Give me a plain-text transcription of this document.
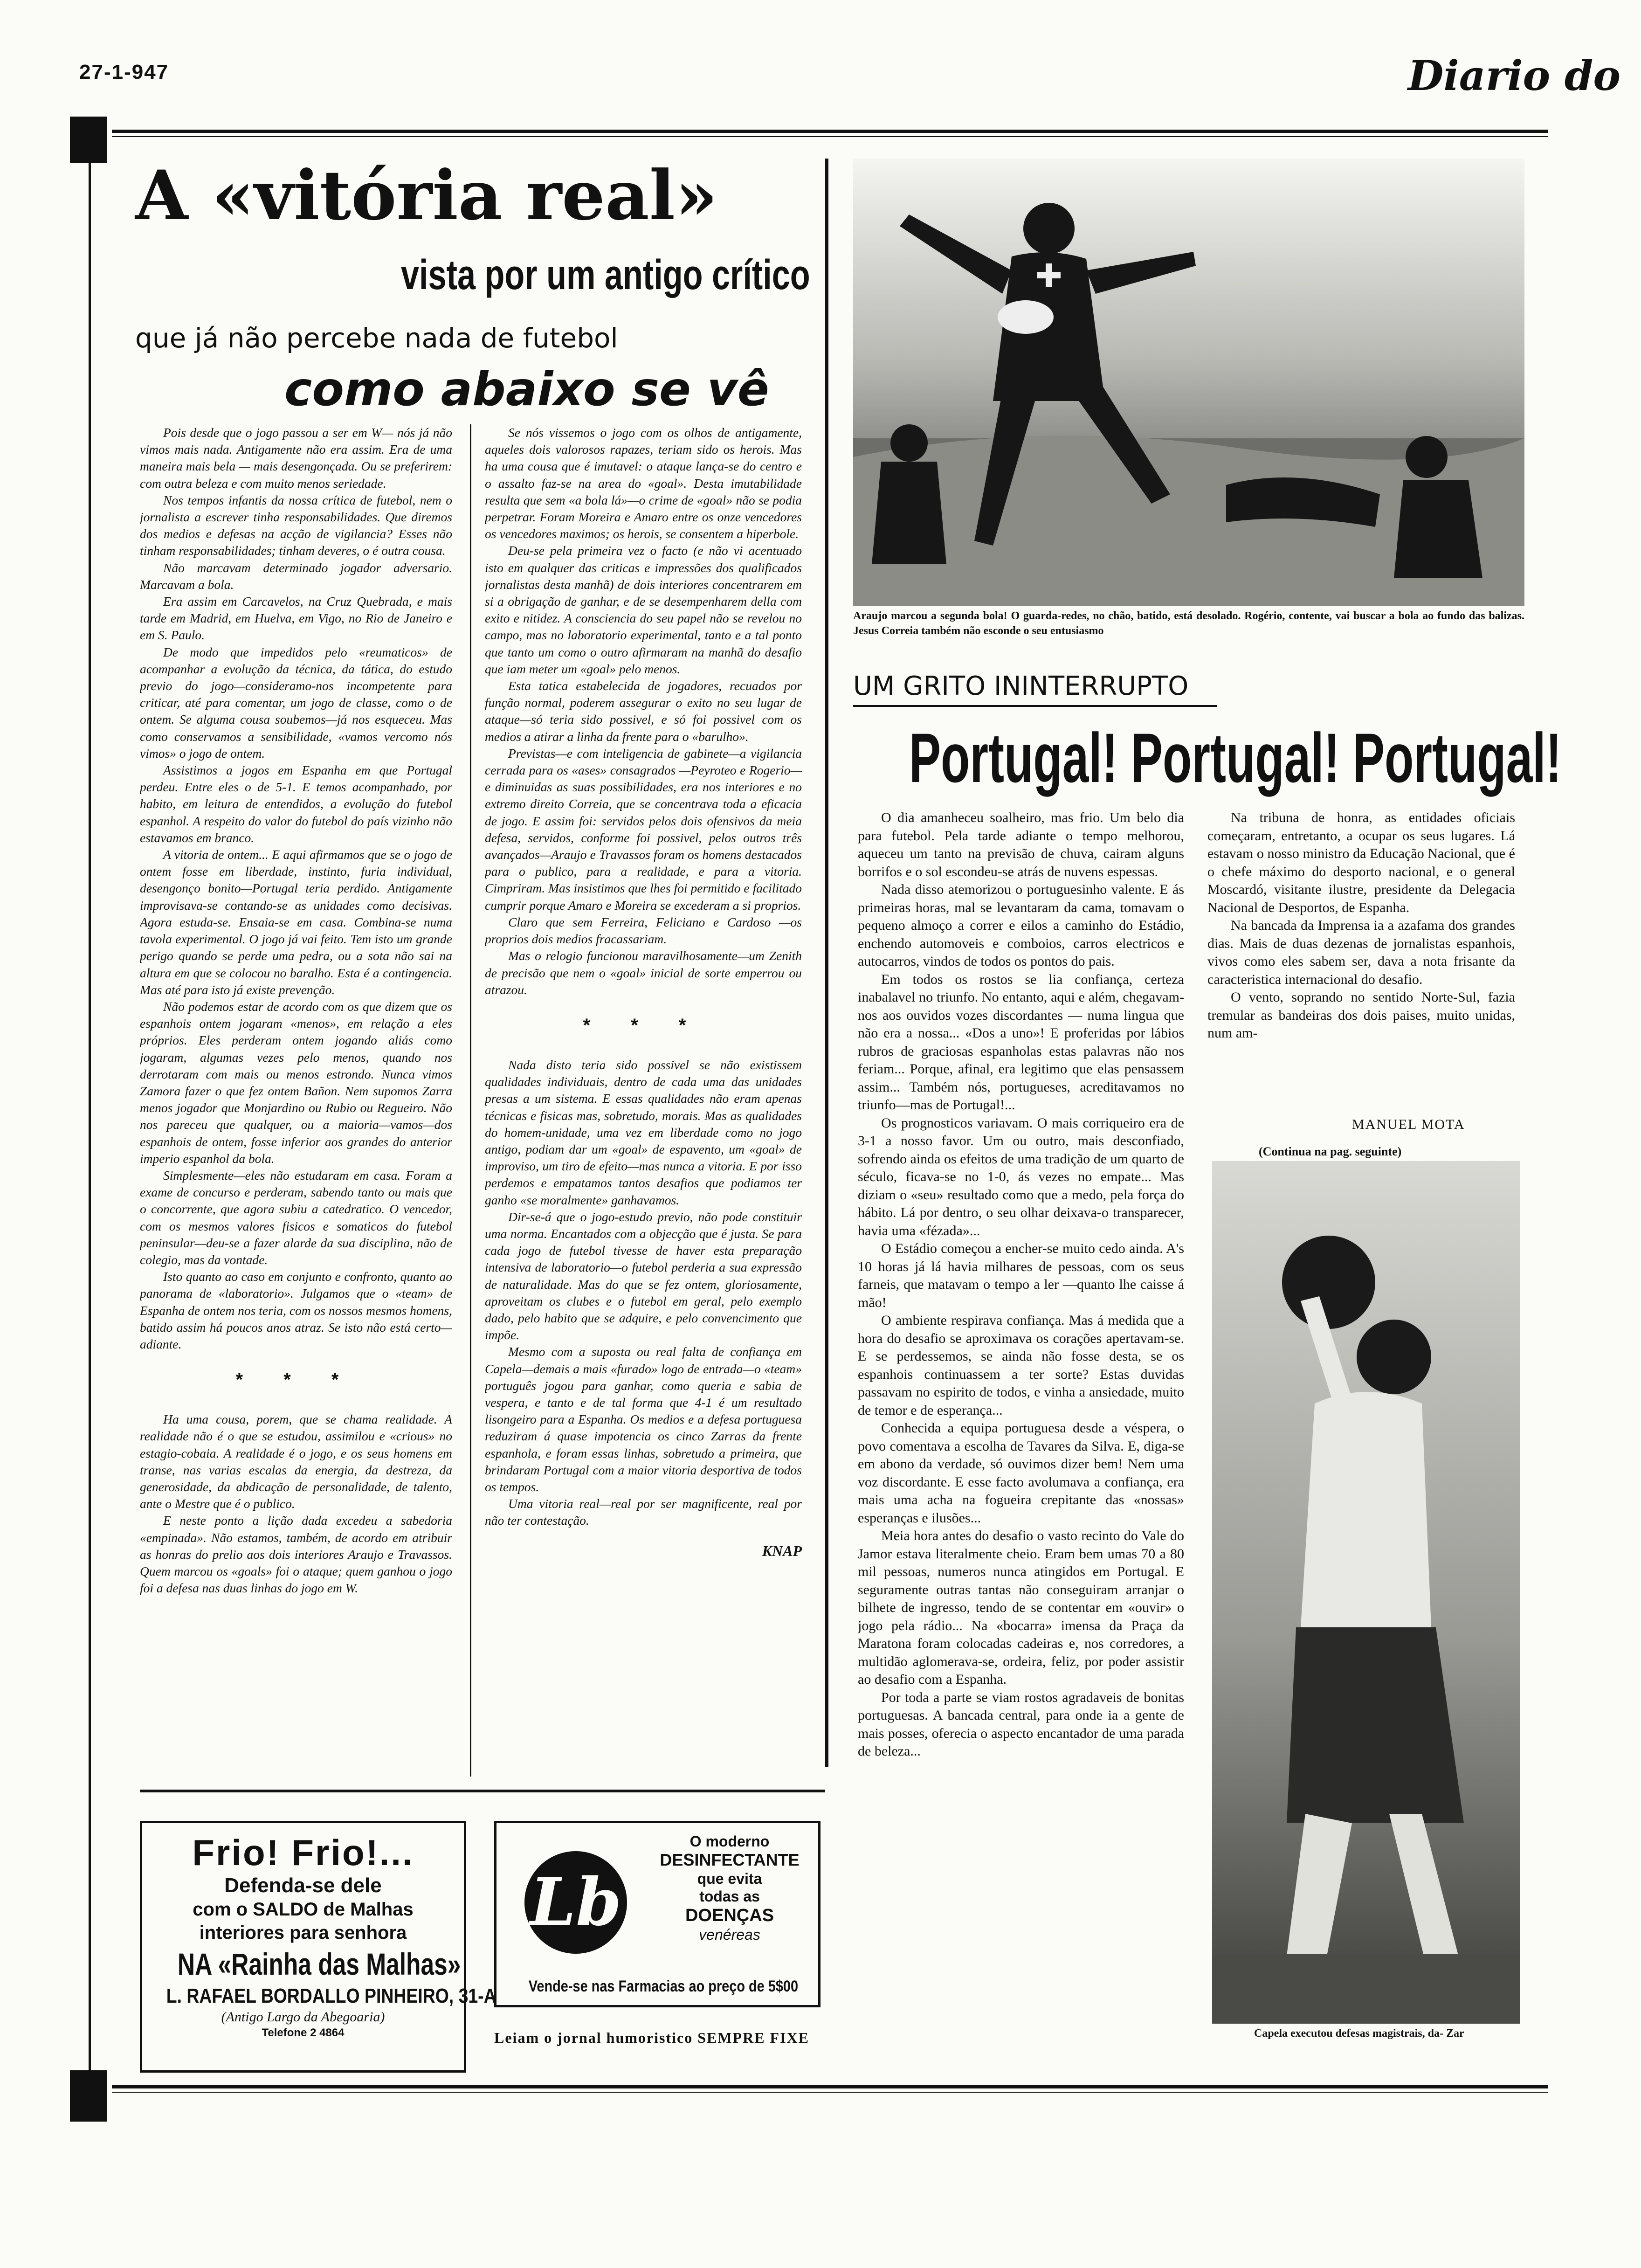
27-1-947	Diario do
A «vitória real»
vista por um antigo crítico
que já não percebe nada de futebol
como abaixo se vê

Pois desde que o jogo passou a ser em W— nós já não vimos mais nada. Antigamente não era assim. Era de uma maneira mais bela — mais desengonçada. Ou se preferirem: com outra beleza e com muito menos seriedade.

Nos tempos infantis da nossa crítica de futebol, nem o jornalista a escrever tinha responsabilidades. Que diremos dos medios e defesas na acção de vigilancia? Esses não tinham responsabilidades; tinham deveres, o é outra cousa.

Não marcavam determinado jogador adversario. Marcavam a bola.

Era assim em Carcavelos, na Cruz Quebrada, e mais tarde em Madrid, em Huelva, em Vigo, no Rio de Janeiro e em S. Paulo.

De modo que impedidos pelo «reumaticos» de acompanhar a evolução da técnica, da tática, do estudo previo do jogo—consideramo-nos incompetente para criticar, até para comentar, um jogo de classe, como o de ontem. Se alguma cousa soubemos—já nos esqueceu. Mas como conservamos a sensibilidade, «vamos vercomo nós vimos» o jogo de ontem.

Assistimos a jogos em Espanha em que Portugal perdeu. Entre eles o de 5-1. E temos acompanhado, por habito, em leitura de entendidos, a evolução do futebol espanhol. A respeito do valor do futebol do país vizinho não estavamos em branco.

A vitoria de ontem... E aqui afirmamos que se o jogo de ontem fosse em liberdade, instinto, furia individual, desengonço bonito—Portugal teria perdido. Antigamente improvisava-se contando-se as unidades como decisivas. Agora estuda-se. Ensaia-se em casa. Combina-se numa tavola experimental. O jogo já vai feito. Tem isto um grande perigo quando se perde uma pedra, ou a sota não sai na altura em que se colocou no baralho. Esta é a contingencia. Mas até para isto já existe prevenção.

Não podemos estar de acordo com os que dizem que os espanhois ontem jogaram «menos», em relação a eles próprios. Eles perderam ontem jogando aliás como jogaram, algumas vezes pelo menos, quando nos derrotaram com mais ou menos estrondo. Nunca vimos Zamora fazer o que fez ontem Bañon. Nem supomos Zarra menos jogador que Monjardino ou Rubio ou Regueiro. Não nos pareceu que qualquer, ou a maioria—vamos—dos espanhois de ontem, fosse inferior aos grandes do anterior imperio espanhol da bola.

Simplesmente—eles não estudaram em casa. Foram a exame de concurso e perderam, sabendo tanto ou mais que o concorrente, que agora subiu a catedratico. O vencedor, com os mesmos valores fisicos e somaticos do futebol peninsular—deu-se a fazer alarde da sua disciplina, não de colegio, mas da vontade.

Isto quanto ao caso em conjunto e confronto, quanto ao panorama de «laboratorio». Julgamos que o «team» de Espanha de ontem nos teria, com os nossos mesmos homens, batido assim há poucos anos atraz. Se isto não está certo—adiante.

* * *

Ha uma cousa, porem, que se chama realidade. A realidade não é o que se estudou, assimilou e «crious» no estagio-cobaia. A realidade é o jogo, e os seus homens em transe, nas varias escalas da energia, da destreza, da generosidade, da abdicação de personalidade, de talento, ante o Mestre que é o publico.

E neste ponto a lição dada excedeu a sabedoria «empinada». Não estamos, também, de acordo em atribuir as honras do prelio aos dois interiores Araujo e Travassos. Quem marcou os «goals» foi o ataque; quem ganhou o jogo foi a defesa nas duas linhas do jogo em W.

Se nós vissemos o jogo com os olhos de antigamente, aqueles dois valorosos rapazes, teriam sido os herois. Mas ha uma cousa que é imutavel: o ataque lança-se do centro e o assalto faz-se na area do «goal». Desta imutabilidade resulta que sem «a bola lá»—o crime de «goal» não se podia perpetrar. Foram Moreira e Amaro entre os onze vencedores os vencedores maximos; os herois, se consentem a hiperbole.

Deu-se pela primeira vez o facto (e não vi acentuado isto em qualquer das criticas e impressões dos qualificados jornalistas desta manhã) de dois interiores concentrarem em si a obrigação de ganhar, e de se desempenharem della com exito e nitidez. A consciencia do seu papel não se revelou no campo, mas no laboratorio experimental, tanto e a tal ponto que tanto um como o outro afirmaram na manhã do desafio que iam meter um «goal» pelo menos.

Esta tatica estabelecida de jogadores, recuados por função normal, poderem assegurar o exito no seu lugar de ataque—só teria sido possivel, e só foi possivel com os medios a atirar a linha da frente para o «barulho».

Previstas—e com inteligencia de gabinete—a vigilancia cerrada para os «ases» consagrados —Peyroteo e Rogerio—e diminuidas as suas possibilidades, era nos interiores e no extremo direito Correia, que se concentrava toda a eficacia de jogo. E assim foi: servidos pelos dois ofensivos da meia defesa, servidos, conforme foi possivel, pelos outros três avançados—Araujo e Travassos foram os homens destacados para o publico, para a realidade, e para a vitoria. Cimpriram. Mas insistimos que lhes foi permitido e facilitado cumprir porque Amaro e Moreira se excederam a si proprios.

Claro que sem Ferreira, Feliciano e Cardoso —os proprios dois medios fracassariam.

Mas o relogio funcionou maravilhosamente—um Zenith de precisão que nem o «goal» inicial de sorte emperrou ou atrazou.

* * *

Nada disto teria sido possivel se não existissem qualidades individuais, dentro de cada uma das unidades presas a um sistema. E essas qualidades não eram apenas técnicas e fisicas mas, sobretudo, morais. Mas as qualidades do homem-unidade, uma vez em liberdade como no jogo antigo, podiam dar um «goal» de espavento, um «goal» de improviso, um tiro de efeito—mas nunca a vitoria. E por isso perdemos e empatamos tantos desafios que podiamos ter ganho «se moralmente» ganhavamos.

Dir-se-á que o jogo-estudo previo, não pode constituir uma norma. Encantados com a objecção que é justa. Se para cada jogo de futebol tivesse de haver esta preparação intensiva de laboratorio—o futebol perderia a sua expressão de naturalidade. Mas do que se fez ontem, gloriosamente, aproveitam os clubes e o futebol em geral, pelo exemplo dado, pelo habito que se adquire, e pelo convencimento que impõe.

Mesmo com a suposta ou real falta de confiança em Capela—demais a mais «furado» logo de entrada—o «team» português jogou para ganhar, como queria e sabia de vespera, e tanto e de tal forma que 4-1 é um resultado lisongeiro para a Espanha. Os medios e a defesa portuguesa reduziram á quase impotencia os cinco Zarras da frente espanhola, e foram essas linhas, sobretudo a primeira, que brindaram Portugal com a maior vitoria desportiva de todos os tempos.

Uma vitoria real—real por ser magnificente, real por não ter contestação.

KNAP
Araujo marcou a segunda bola! O guarda-redes, no chão, batido, está desolado. Rogério, contente, vai buscar a bola ao fundo das balizas. Jesus Correia também não esconde o seu entusiasmo
UM GRITO ININTERRUPTO
Portugal! Portugal! Portugal!

O dia amanheceu soalheiro, mas frio. Um belo dia para futebol. Pela tarde adiante o tempo melhorou, aqueceu um tanto na previsão de chuva, cairam alguns borrifos e o sol escondeu-se atrás de nuvens espessas.

Nada disso atemorizou o portuguesinho valente. E ás primeiras horas, mal se levantaram da cama, tomavam o pequeno almoço a correr e eilos a caminho do Estádio, enchendo automoveis e comboios, carros electricos e autocarros, vindos de todos os pontos do pais.

Em todos os rostos se lia confiança, certeza inabalavel no triunfo. No entanto, aqui e além, chegavam-nos aos ouvidos vozes discordantes — numa lingua que não era a nossa... «Dos a uno»! E proferidas por lábios rubros de graciosas espanholas estas palavras não nos feriam... Porque, afinal, era legitimo que elas pensassem assim... Também nós, portugueses, acreditavamos no triunfo—mas de Portugal!...

Os prognosticos variavam. O mais corriqueiro era de 3-1 a nosso favor. Um ou outro, mais desconfiado, sofrendo ainda os efeitos de uma tradição de um quarto de século, ficava-se no 1-0, ás vezes no empate... Mas diziam o «seu» resultado como que a medo, pela força do hábito. Lá por dentro, o seu olhar deixava-o transparecer, havia uma «fézada»...

O Estádio começou a encher-se muito cedo ainda. A's 10 horas já lá havia milhares de pessoas, com os seus farneis, que matavam o tempo a ler —quanto lhe caisse á mão!

O ambiente respirava confiança. Mas á medida que a hora do desafio se aproximava os corações apertavam-se. E se perdessemos, se ainda não fosse desta, se os espanhois continuassem a ter sorte? Estas duvidas passavam no espirito de todos, e vinha a ansiedade, muito de temor e de esperança...

Conhecida a equipa portuguesa desde a véspera, o povo comentava a escolha de Tavares da Silva. E, diga-se em abono da verdade, só ouvimos dizer bem! Nem uma voz discordante. E esse facto avolumava a confiança, era mais uma acha na fogueira crepitante das «nossas» esperanças e ilusões...

Meia hora antes do desafio o vasto recinto do Vale do Jamor estava literalmente cheio. Eram bem umas 70 a 80 mil pessoas, numeros nunca atingidos em Portugal. E seguramente outras tantas não conseguiram arranjar o bilhete de ingresso, tendo de se contentar em «ouvir» o jogo pela rádio... Na «bocarra» imensa da Praça da Maratona foram colocadas cadeiras e, nos corredores, a multidão aglomerava-se, ordeira, feliz, por poder assistir ao desafio com a Espanha.

Por toda a parte se viam rostos agradaveis de bonitas portuguesas. A bancada central, para onde ia a gente de mais posses, oferecia o aspecto encantador de uma parada de beleza...

Na tribuna de honra, as entidades oficiais começaram, entretanto, a ocupar os seus lugares. Lá estavam o nosso ministro da Educação Nacional, que é o chefe máximo do desporto nacional, e o general Moscardó, visitante ilustre, presidente da Delegacia Nacional de Desportos, de Espanha.

Na bancada da Imprensa ia a azafama dos grandes dias. Mais de duas dezenas de jornalistas espanhois, vivos como eles sabem ser, dava a nota frisante da caracteristica internacional do desafio.

O vento, soprando no sentido Norte-Sul, fazia tremular as bandeiras dos dois paises, muito unidas, num am-

MANUEL MOTA
(Continua na pag. seguinte)
Capela executou defesas magistrais, da- Zar
Frio! Frio!...
Defenda-se dele
com o SALDO de Malhas
interiores para senhora
NA «Rainha das Malhas»
L. RAFAEL BORDALLO PINHEIRO, 31-A
(Antigo Largo da Abegoaria)
Telefone 2 4864
Lb
O moderno
DESINFECTANTE
que evita
todas as
DOENÇAS
venéreas
Vende-se nas Farmacias ao preço de 5$00
Leiam o jornal humoristico SEMPRE FIXE
